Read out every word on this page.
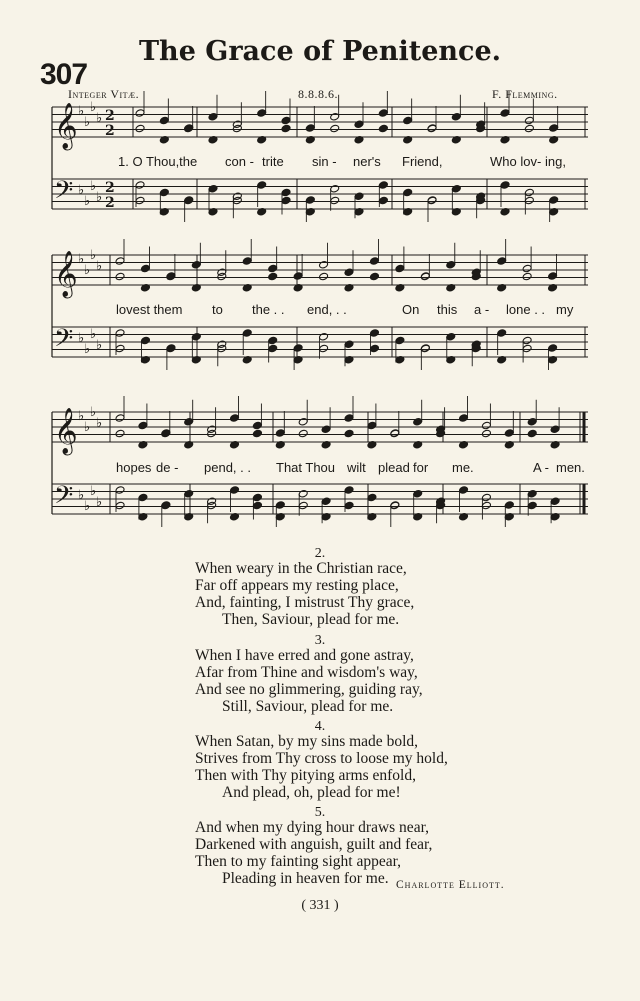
307
The Grace of Penitence.
Integer Vitæ.	8.8.8.6.	F. Flemming.
𝄞 ♭
♭
♭
♭ 2
2
𝄢 ♭
♭
♭
♭
2
2
𝄞 ♭
♭
♭
♭
𝄢 ♭
♭
♭
♭
𝄞 ♭
♭
♭
♭
𝄢 ♭
♭
♭
♭
1. O Thou,the con - trite sin - ner's Friend,	Who lov- ing,
lovest them to the . . end, . .	On this a - lone . . my
hopes de - pend, . . That Thou wilt plead for me.	A - men.
2.
When weary in the Christian race,
Far off appears my resting place,
And, fainting, I mistrust Thy grace,
Then, Saviour, plead for me.
3.
When I have erred and gone astray,
Afar from Thine and wisdom's way,
And see no glimmering, guiding ray,
Still, Saviour, plead for me.
4.
When Satan, by my sins made bold,
Strives from Thy cross to loose my hold,
Then with Thy pitying arms enfold,
And plead, oh, plead for me!
5.
And when my dying hour draws near,
Darkened with anguish, guilt and fear,
Then to my fainting sight appear,
Pleading in heaven for me. Charlotte Elliott.
( 331 )
